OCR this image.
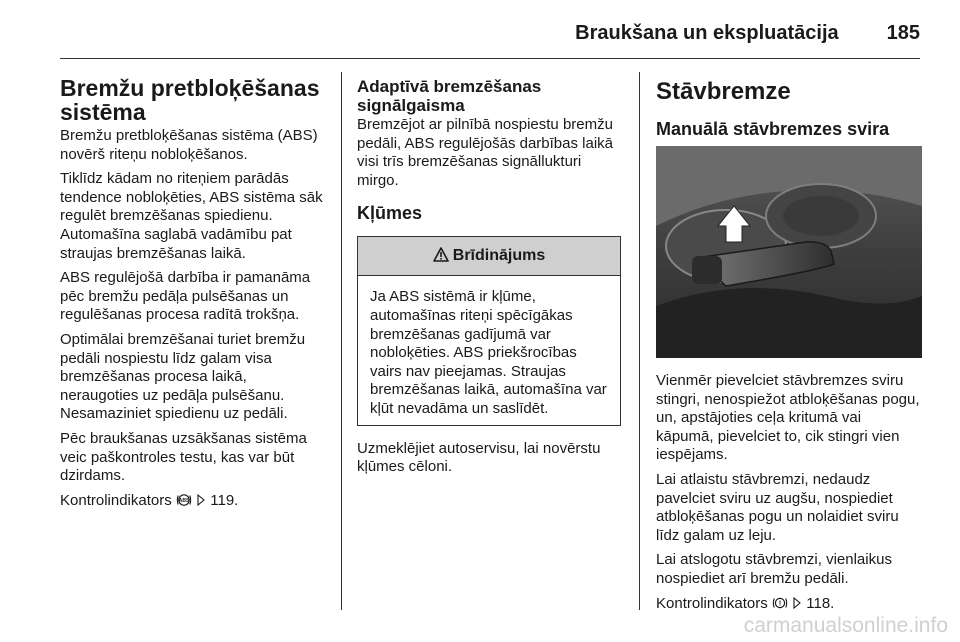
Braukšana un ekspluatācija 185
Bremžu pretbloķēšanas sistēma

Bremžu pretbloķēšanas sistēma (ABS) novērš riteņu nobloķēšanos.

Tiklīdz kādam no riteņiem parādās tendence nobloķēties, ABS sistēma sāk regulēt bremzēšanas spiedienu. Automašīna saglabā vadāmību pat straujas bremzēšanas laikā.

ABS regulējošā darbība ir pamanāma pēc bremžu pedāļa pulsēšanas un regulēšanas procesa radītā trokšņa.

Optimālai bremzēšanai turiet bremžu pedāli nospiestu līdz galam visa bremzēšanas procesa laikā, neraugoties uz pedāļa pulsēšanu. Nesamaziniet spiedienu uz pedāli.

Pēc braukšanas uzsākšanas sistēma veic paškontroles testu, kas var būt dzirdams.

Kontrolindikators ABS 119.

Adaptīvā bremzēšanas signālgaisma

Bremzējot ar pilnībā nospiestu bremžu pedāli, ABS regulējošās darbības laikā visi trīs bremzēšanas signāllukturi mirgo.

Kļūmes
Brīdinājums

Ja ABS sistēmā ir kļūme, automašīnas riteņi spēcīgākas bremzēšanas gadījumā var nobloķēties. ABS priekšrocības vairs nav pieejamas. Straujas bremzēšanas laikā, automašīna var kļūt nevadāma un saslīdēt.

Uzmeklējiet autoservisu, lai novērstu kļūmes cēloni.

Stāvbremze
Manuālā stāvbremzes svira

Vienmēr pievelciet stāvbremzes sviru stingri, nenospiežot atbloķēšanas pogu, un, apstājoties ceļa kritumā vai kāpumā, pievelciet to, cik stingri vien iespējams.

Lai atlaistu stāvbremzi, nedaudz pavelciet sviru uz augšu, nospiediet atbloķēšanas pogu un nolaidiet sviru līdz galam uz leju.

Lai atslogotu stāvbremzi, vienlaikus nospiediet arī bremžu pedāli.

Kontrolindikators ! 118.

carmanualsonline.info
